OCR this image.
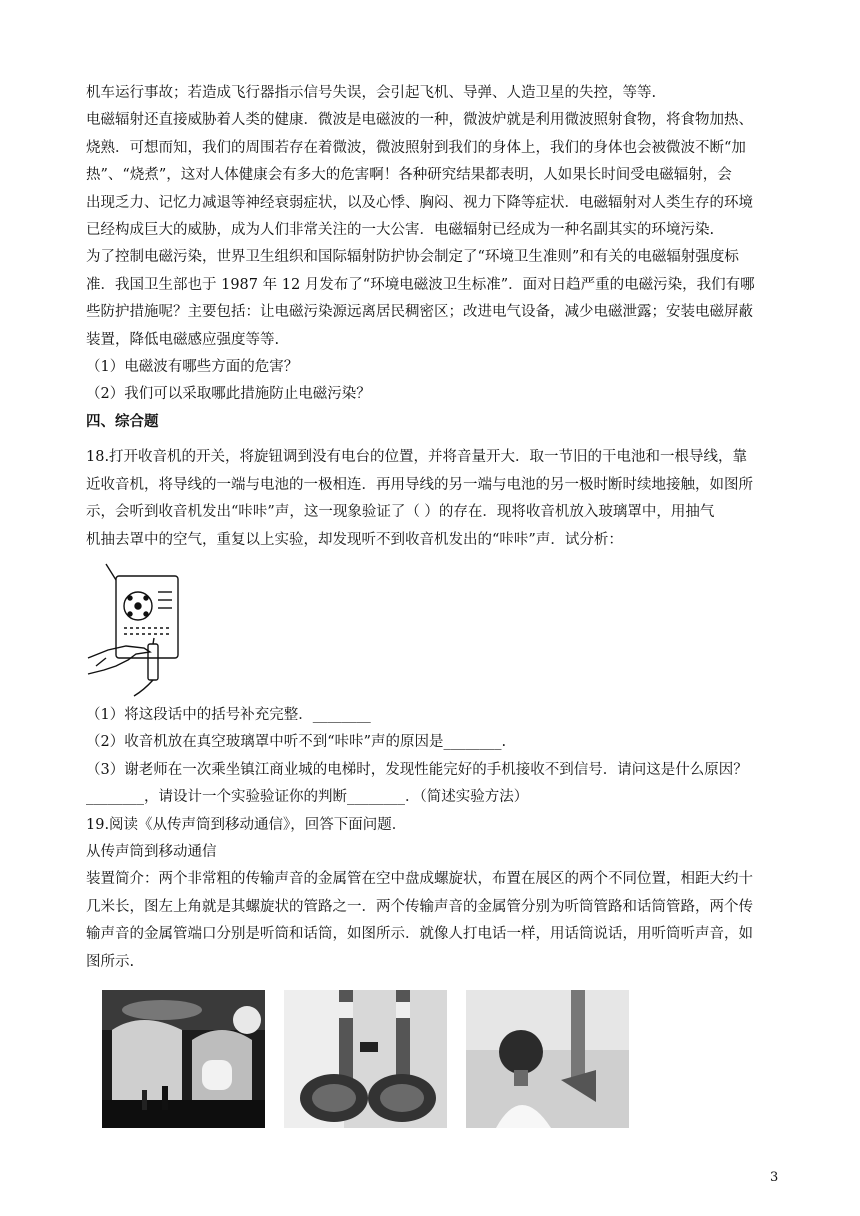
机车运行事故；若造成飞行器指示信号失误，会引起飞机、导弹、人造卫星的失控，等等.
电磁辐射还直接威胁着人类的健康．微波是电磁波的一种，微波炉就是利用微波照射食物，将食物加热、
烧熟．可想而知，我们的周围若存在着微波，微波照射到我们的身体上，我们的身体也会被微波不断“加
热”、“烧煮”，这对人体健康会有多大的危害啊！各种研究结果都表明，人如果长时间受电磁辐射，会
出现乏力、记忆力减退等神经衰弱症状，以及心悸、胸闷、视力下降等症状．电磁辐射对人类生存的环境
已经构成巨大的威胁，成为人们非常关注的一大公害．电磁辐射已经成为一种名副其实的环境污染.
为了控制电磁污染，世界卫生组织和国际辐射防护协会制定了“环境卫生准则”和有关的电磁辐射强度标
准．我国卫生部也于 1987 年 12 月发布了“环境电磁波卫生标准”．面对日趋严重的电磁污染，我们有哪
些防护措施呢？主要包括：让电磁污染源远离居民稠密区；改进电气设备，减少电磁泄露；安装电磁屏蔽
装置，降低电磁感应强度等等.
（1）电磁波有哪些方面的危害？
（2）我们可以采取哪此措施防止电磁污染？
四、综合题
18.打开收音机的开关，将旋钮调到没有电台的位置，并将音量开大．取一节旧的干电池和一根导线，靠
近收音机，将导线的一端与电池的一极相连．再用导线的另一端与电池的另一极时断时续地接触，如图所
示，会听到收音机发出“咔咔”声，这一现象验证了（ ）的存在．现将收音机放入玻璃罩中，用抽气
机抽去罩中的空气，重复以上实验，却发现听不到收音机发出的“咔咔”声．试分析：
（1）将这段话中的括号补充完整．________
（2）收音机放在真空玻璃罩中听不到“咔咔”声的原因是________.
（3）谢老师在一次乘坐镇江商业城的电梯时，发现性能完好的手机接收不到信号．请问这是什么原因？
________，请设计一个实验验证你的判断________．（简述实验方法）
19.阅读《从传声筒到移动通信》，回答下面问题．
从传声筒到移动通信
装置简介：两个非常粗的传输声音的金属管在空中盘成螺旋状，布置在展区的两个不同位置，相距大约十
几米长，图左上角就是其螺旋状的管路之一．两个传输声音的金属管分别为听筒管路和话筒管路，两个传
输声音的金属管端口分别是听筒和话筒，如图所示．就像人打电话一样，用话筒说话，用听筒听声音，如
图所示.
3
